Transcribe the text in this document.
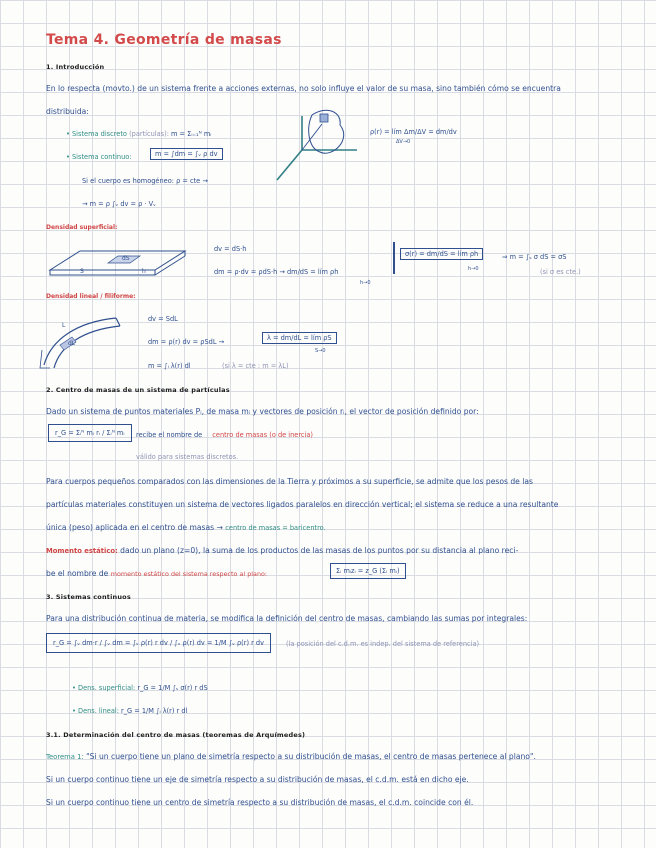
Tema 4. Geometría de masas
1. Introducción
En lo respecta (movto.) de un sistema frente a acciones externas, no solo influye el valor de su masa, sino también cómo se encuentra
distribuida:
• Sistema discreto (partículas): m = Σᵢ₌₁ᴺ mᵢ
• Sistema continuo:	m = ∫dm = ∫ᵥ ρ dv
Si el cuerpo es homogéneo: ρ = cte →
→ m = ρ ∫ᵥ dv = ρ · Vᵥ
ρ(r) = lím Δm/ΔV = dm/dv
ΔV→0
Densidad superficial:
dS
h
S
dv = dS·h
dm = ρ·dv = ρdS·h → dm/dS = lím ρh
h→0
σ(r) = dm/dS = lím ρh
h→0
⇒ m = ∫ₛ σ dS = σS
(si σ es cte.)
Densidad lineal / filiforme:
L
dL
dv = SdL
dm = ρ(r) dv = ρSdL →	λ = dm/dL = lím ρS
S→0
m = ∫ₗ λ(r) dl	(si λ = cte : m = λL)
2. Centro de masas de un sistema de partículas
Dado un sistema de puntos materiales Pᵢ, de masa mᵢ y vectores de posición rᵢ, el vector de posición definido por:
r_G = Σᵢᴺ mᵢ rᵢ / Σᵢᴺ mᵢ	recibe el nombre de centro de masas (o de inercia)
válido para sistemas discretos.
Para cuerpos pequeños comparados con las dimensiones de la Tierra y próximos a su superficie, se admite que los pesos de las
partículas materiales constituyen un sistema de vectores ligados paralelos en dirección vertical; el sistema se reduce a una resultante
única (peso) aplicada en el centro de masas → centro de masas = baricentro.
Momento estático: dado un plano (z=0), la suma de los productos de las masas de los puntos por su distancia al plano reci-
be el nombre de momento estático del sistema respecto al plano:	Σᵢ mᵢzᵢ = z_G (Σᵢ mᵢ)
3. Sistemas continuos
Para una distribución continua de materia, se modifica la definición del centro de masas, cambiando las sumas por integrales:
r_G = ∫ᵥ dm·r / ∫ᵥ dm = ∫ᵥ ρ(r) r dv / ∫ᵥ ρ(r) dv = 1/M ∫ᵥ ρ(r) r dv	(la posición del c.d.m. es indep. del sistema de referencia)
• Dens. superficial: r_G = 1/M ∫ₛ σ(r) r dS
• Dens. lineal: r_G = 1/M ∫ₗ λ(r) r dl
3.1. Determinación del centro de masas (teoremas de Arquímedes)
Teorema 1: "Si un cuerpo tiene un plano de simetría respecto a su distribución de masas, el centro de masas pertenece al plano".
Si un cuerpo continuo tiene un eje de simetría respecto a su distribución de masas, el c.d.m. está en dicho eje.
Si un cuerpo continuo tiene un centro de simetría respecto a su distribución de masas, el c.d.m. coincide con él.
